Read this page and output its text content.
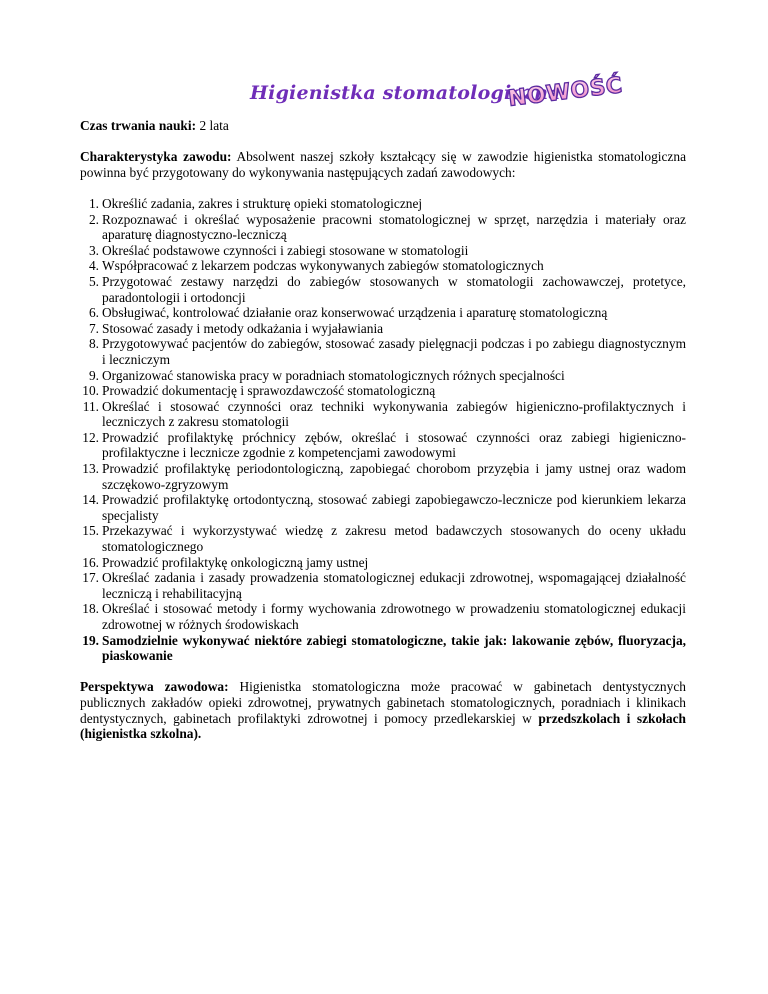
Higienistka stomatologiczna
NOWOŚĆ

Czas trwania nauki: 2 lata

Charakterystyka zawodu: Absolwent naszej szkoły kształcący się w zawodzie higienistka stomatologiczna powinna być przygotowany do wykonywania następujących zadań zawodowych:

1. Określić zadania, zakres i strukturę opieki stomatologicznej
2. Rozpoznawać i określać wyposażenie pracowni stomatologicznej w sprzęt, narzędzia i materiały oraz aparaturę diagnostyczno-leczniczą
3. Określać podstawowe czynności i zabiegi stosowane w stomatologii
4. Współpracować z lekarzem podczas wykonywanych zabiegów stomatologicznych
5. Przygotować zestawy narzędzi do zabiegów stosowanych w stomatologii zachowawczej, protetyce, paradontologii i ortodoncji
6. Obsługiwać, kontrolować działanie oraz konserwować urządzenia i aparaturę stomatologiczną
7. Stosować zasady i metody odkażania i wyjaławiania
8. Przygotowywać pacjentów do zabiegów, stosować zasady pielęgnacji podczas i po zabiegu diagnostycznym i leczniczym
9. Organizować stanowiska pracy w poradniach stomatologicznych różnych specjalności
10. Prowadzić dokumentację i sprawozdawczość stomatologiczną
11. Określać i stosować czynności oraz techniki wykonywania zabiegów higieniczno-profilaktycznych i leczniczych z zakresu stomatologii
12. Prowadzić profilaktykę próchnicy zębów, określać i stosować czynności oraz zabiegi higieniczno-profilaktyczne i lecznicze zgodnie z kompetencjami zawodowymi
13. Prowadzić profilaktykę periodontologiczną, zapobiegać chorobom przyzębia i jamy ustnej oraz wadom szczękowo-zgryzowym
14. Prowadzić profilaktykę ortodontyczną, stosować zabiegi zapobiegawczo-lecznicze pod kierunkiem lekarza specjalisty
15. Przekazywać i wykorzystywać wiedzę z zakresu metod badawczych stosowanych do oceny układu stomatologicznego
16. Prowadzić profilaktykę onkologiczną jamy ustnej
17. Określać zadania i zasady prowadzenia stomatologicznej edukacji zdrowotnej, wspomagającej działalność leczniczą i rehabilitacyjną
18. Określać i stosować metody i formy wychowania zdrowotnego w prowadzeniu stomatologicznej edukacji zdrowotnej w różnych środowiskach
19. Samodzielnie wykonywać niektóre zabiegi stomatologiczne, takie jak: lakowanie zębów, fluoryzacja, piaskowanie

Perspektywa zawodowa: Higienistka stomatologiczna może pracować w gabinetach dentystycznych publicznych zakładów opieki zdrowotnej, prywatnych gabinetach stomatologicznych, poradniach i klinikach dentystycznych, gabinetach profilaktyki zdrowotnej i pomocy przedlekarskiej w przedszkolach i szkołach (higienistka szkolna).
